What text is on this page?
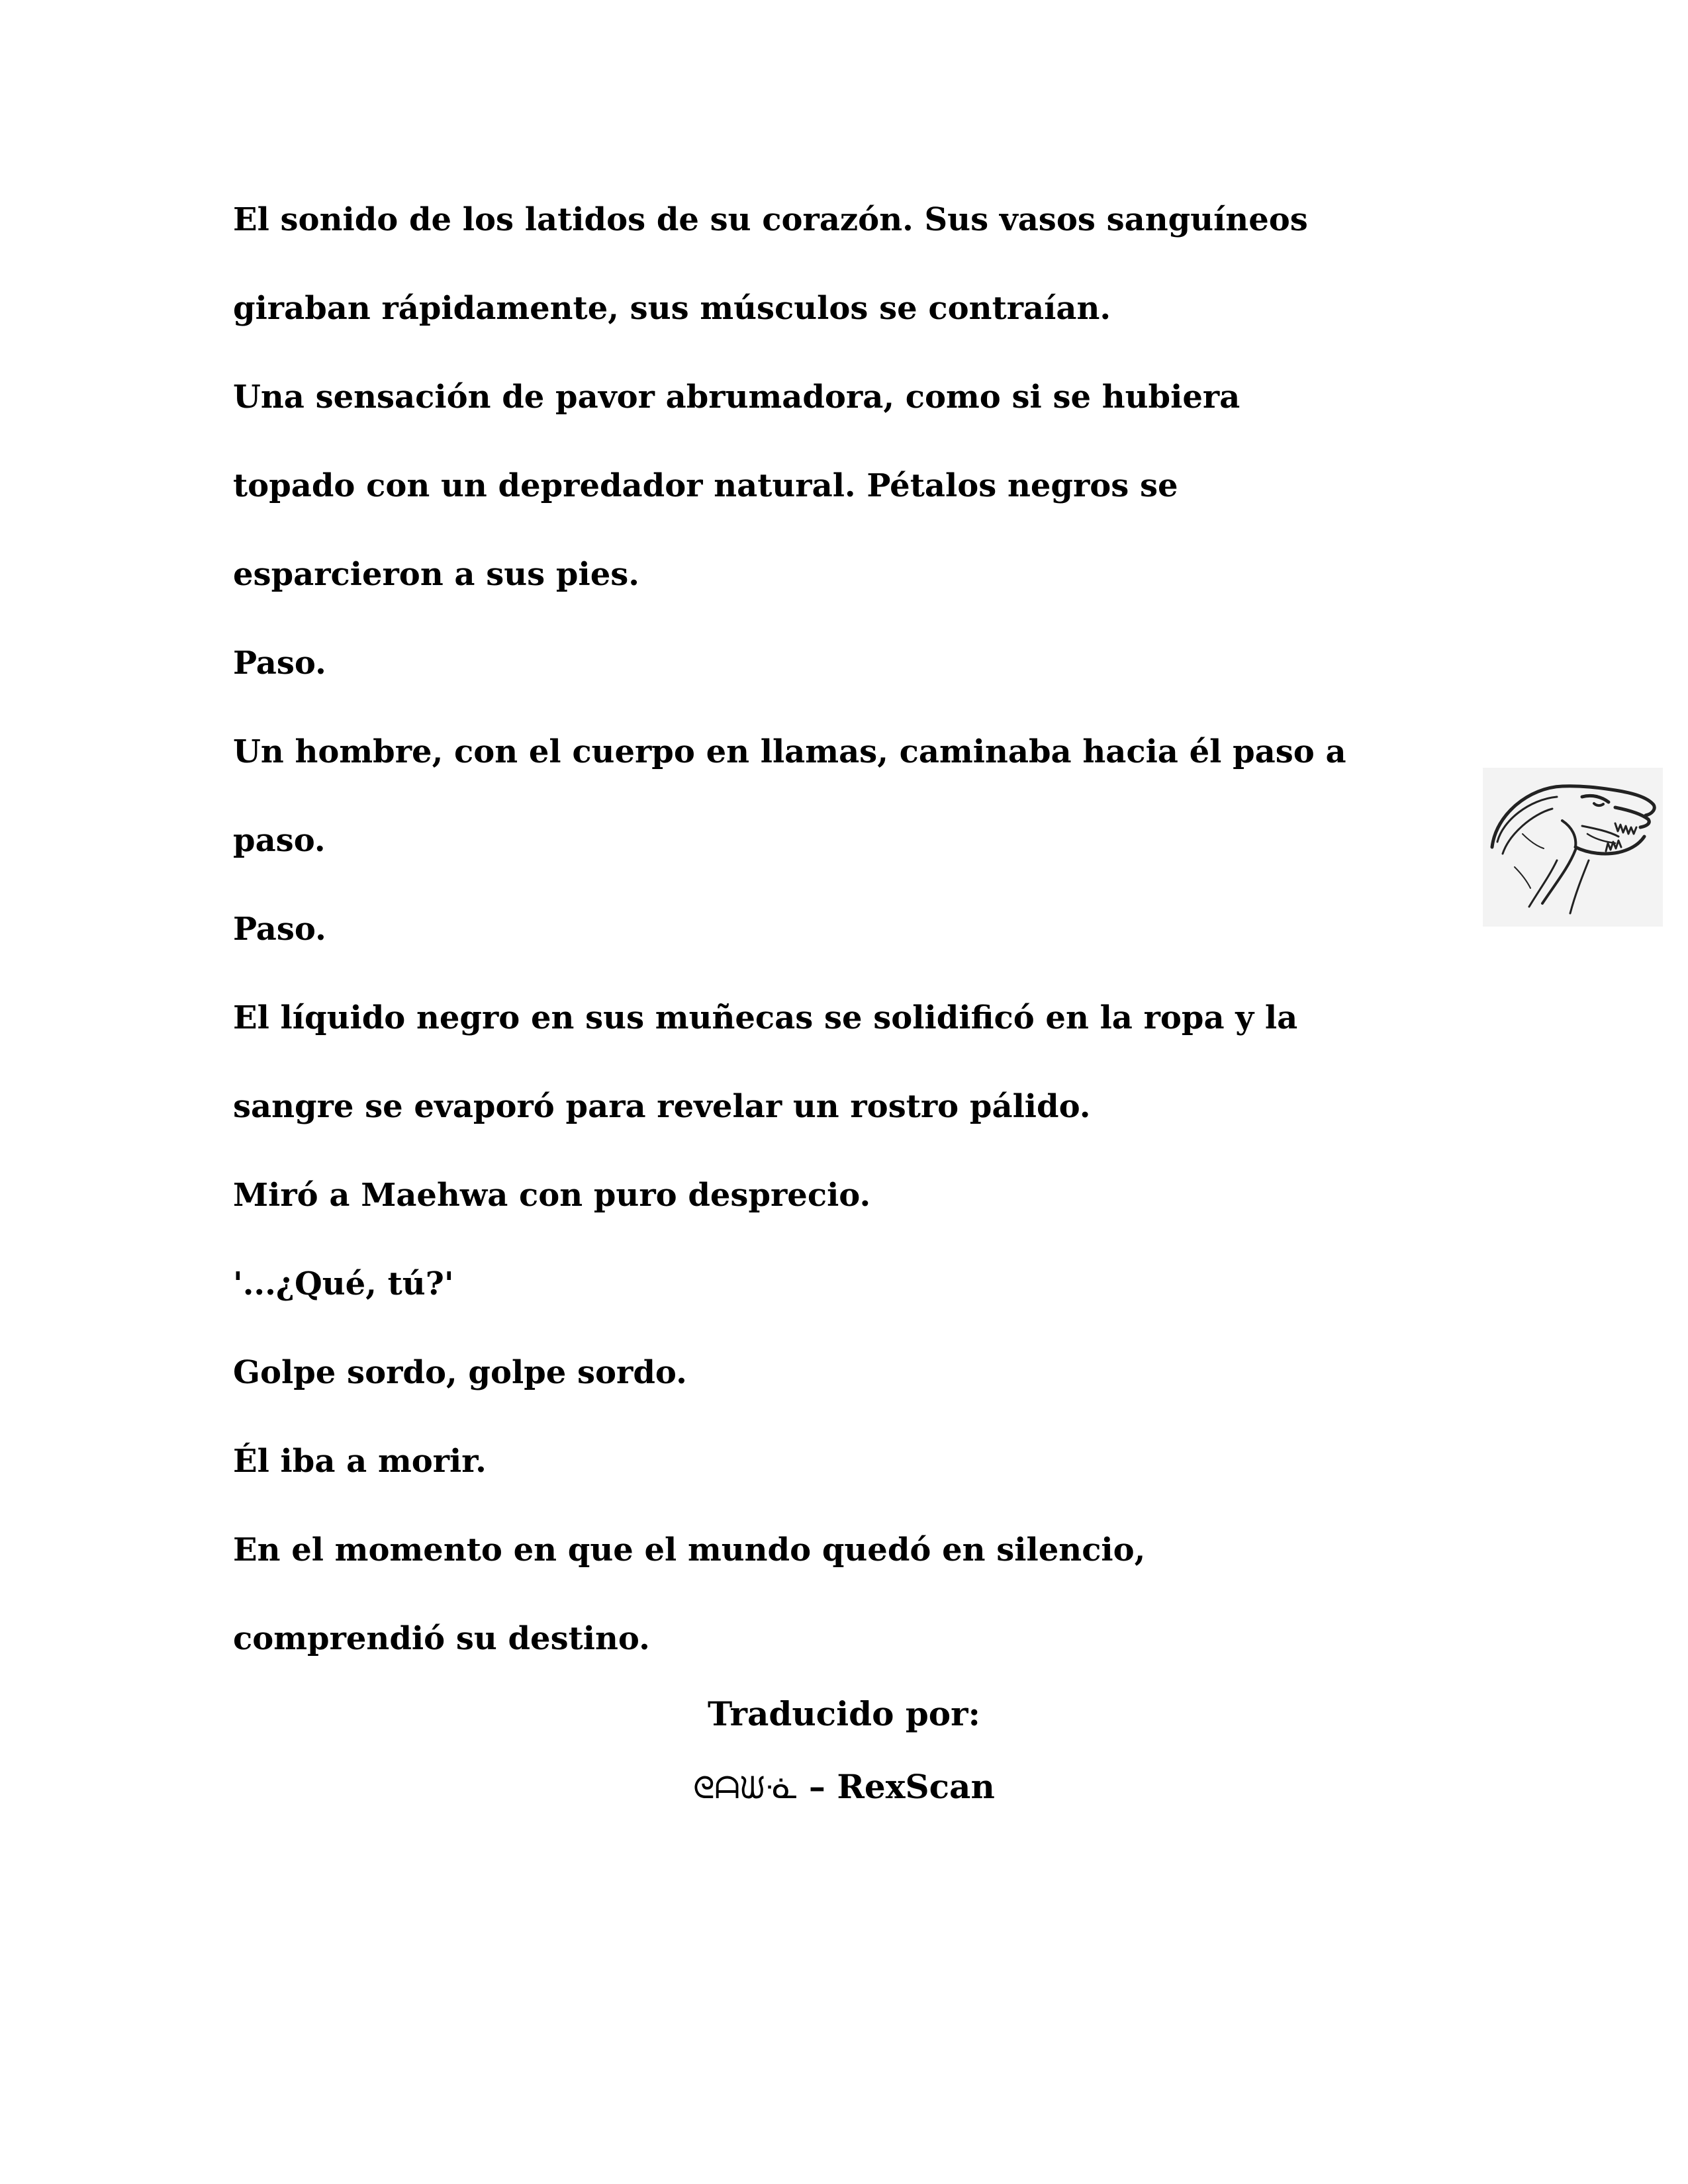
El sonido de los latidos de su corazón. Sus vasos sanguíneos
giraban rápidamente, sus músculos se contraían.
Una sensación de pavor abrumadora, como si se hubiera
topado con un depredador natural. Pétalos negros se
esparcieron a sus pies.
Paso.
Un hombre, con el cuerpo en llamas, caminaba hacia él paso a
paso.
Paso.
El líquido negro en sus muñecas se solidificó en la ropa y la
sangre se evaporó para revelar un rostro pálido.
Miró a Maehwa con puro desprecio.
'...¿Qué, tú?'
Golpe sordo, golpe sordo.
Él iba a morir.
En el momento en que el mundo quedó en silencio,
comprendió su destino.
Traducido por:
ᘓᗩᙎᓍ – RexScan
